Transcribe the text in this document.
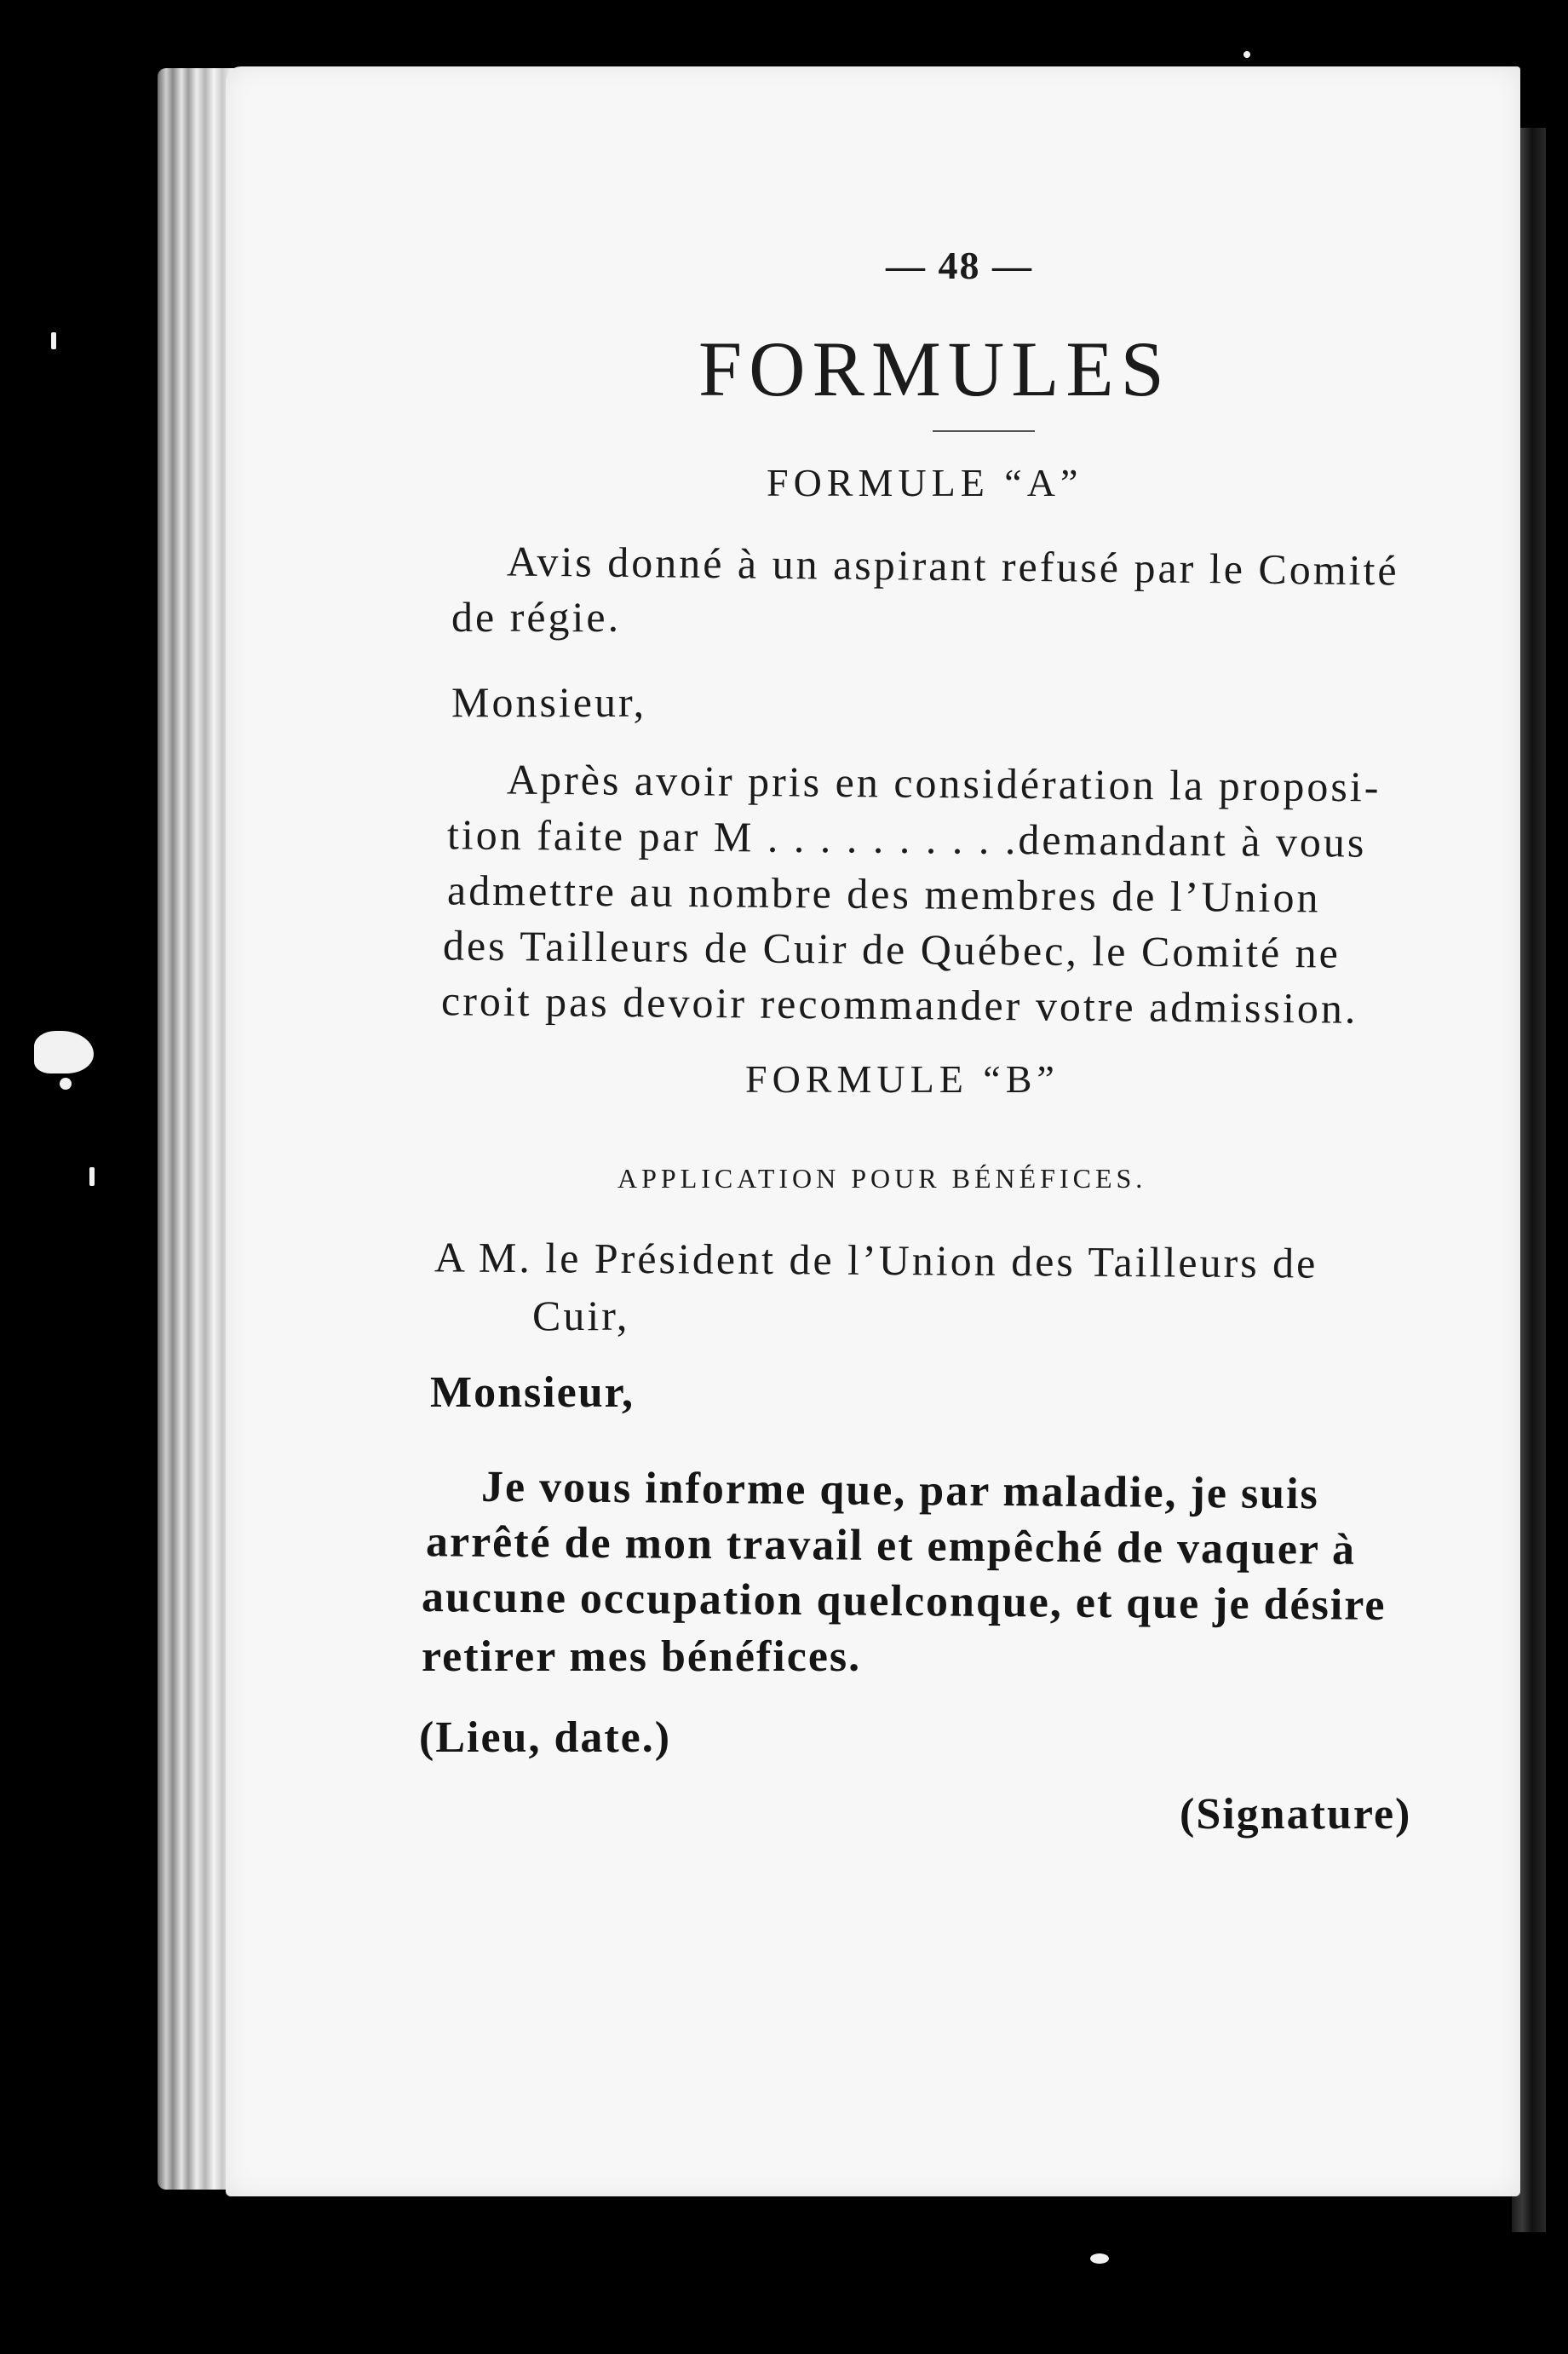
— 48 —
FORMULES
FORMULE “A”
Avis donné à un aspirant refusé par le Comité
de régie.
Monsieur,
Après avoir pris en considération la proposi-
tion faite par M . . . . . . . . . .demandant à vous
admettre au nombre des membres de l’Union
des Tailleurs de Cuir de Québec, le Comité ne
croit pas devoir recommander votre admission.
FORMULE “B”
APPLICATION POUR BÉNÉFICES.
A M. le Président de l’Union des Tailleurs de
Cuir,
Monsieur,
Je vous informe que, par maladie, je suis
arrêté de mon travail et empêché de vaquer à
aucune occupation quelconque, et que je désire
retirer mes bénéfices.
(Lieu, date.)
(Signature)
